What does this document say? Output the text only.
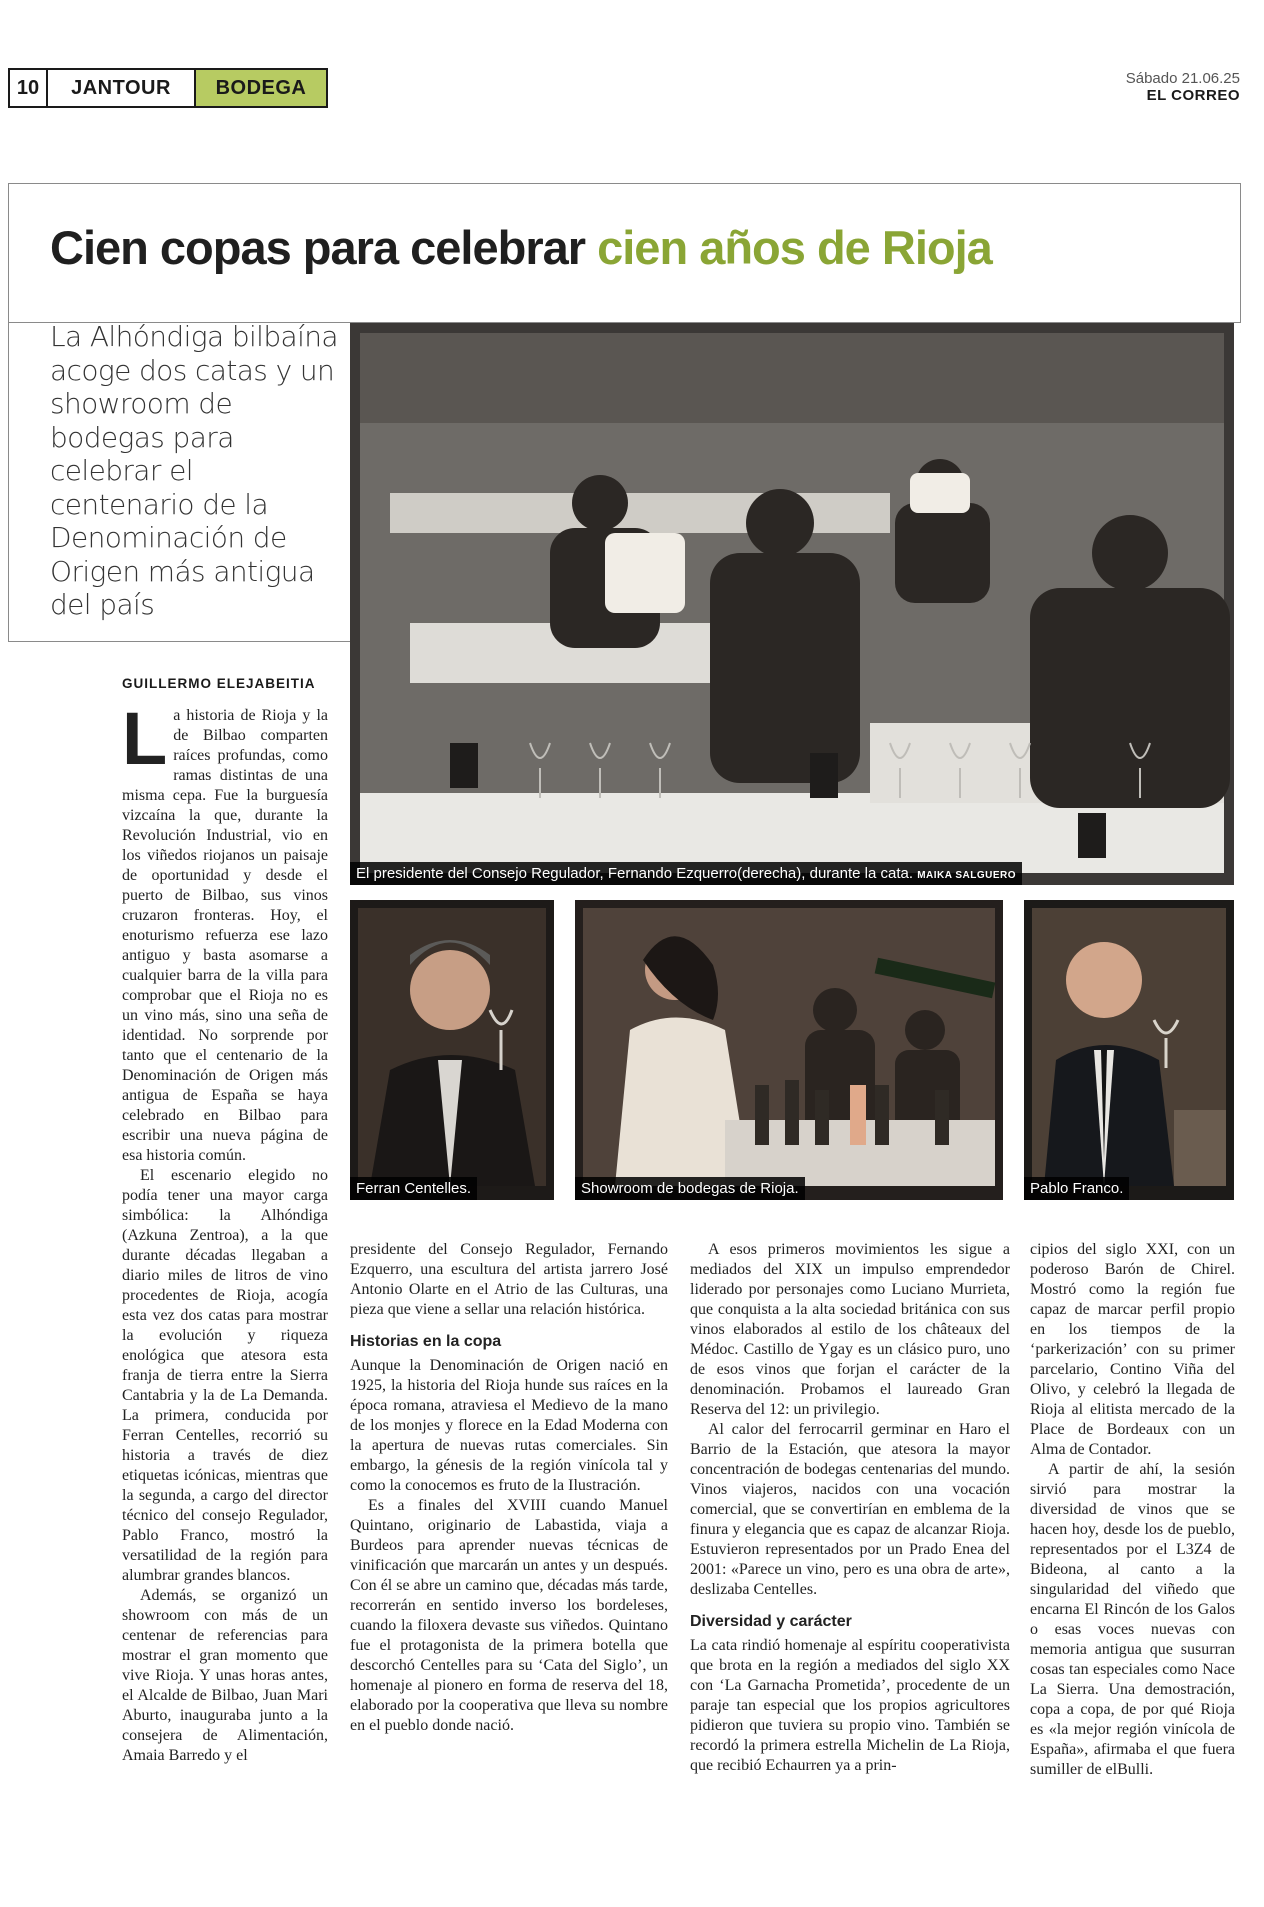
10	JANTOUR	BODEGA	Sábado 21.06.25
EL CORREO
Cien copas para celebrar cien años de Rioja
La Alhóndiga bilbaína acoge dos catas y un showroom de bodegas para celebrar el centenario de la Denominación de Origen más antigua del país
El presidente del Consejo Regulador, Fernando Ezquerro(derecha), durante la cata. MAIKA SALGUERO
Ferran Centelles.	Showroom de bodegas de Rioja.	Pablo Franco.
GUILLERMO ELEJABEITIA

La historia de Rioja y la de Bilbao comparten raíces profundas, como ramas distintas de una misma cepa. Fue la burguesía vizcaína la que, durante la Revolución Industrial, vio en los viñedos riojanos un paisaje de oportunidad y desde el puerto de Bilbao, sus vinos cruzaron fronteras. Hoy, el enoturismo refuerza ese lazo antiguo y basta asomarse a cualquier barra de la villa para comprobar que el Rioja no es un vino más, sino una seña de identidad. No sorprende por tanto que el centenario de la Denominación de Origen más antigua de España se haya celebrado en Bilbao para escribir una nueva página de esa historia común.

El escenario elegido no podía tener una mayor carga simbólica: la Alhóndiga (Azkuna Zentroa), a la que durante décadas llegaban a diario miles de litros de vino procedentes de Rioja, acogía esta vez dos catas para mostrar la evolución y riqueza enológica que atesora esta franja de tierra entre la Sierra Cantabria y la de La Demanda. La primera, conducida por Ferran Centelles, recorrió su historia a través de diez etiquetas icónicas, mientras que la segunda, a cargo del director técnico del consejo Regulador, Pablo Franco, mostró la versatilidad de la región para alumbrar grandes blancos.

Además, se organizó un showroom con más de un centenar de referencias para mostrar el gran momento que vive Rioja. Y unas horas antes, el Alcalde de Bilbao, Juan Mari Aburto, inauguraba junto a la consejera de Alimentación, Amaia Barredo y el

presidente del Consejo Regulador, Fernando Ezquerro, una escultura del artista jarrero José Antonio Olarte en el Atrio de las Culturas, una pieza que viene a sellar una relación histórica.

Historias en la copa

Aunque la Denominación de Origen nació en 1925, la historia del Rioja hunde sus raíces en la época romana, atraviesa el Medievo de la mano de los monjes y florece en la Edad Moderna con la apertura de nuevas rutas comerciales. Sin embargo, la génesis de la región vinícola tal y como la conocemos es fruto de la Ilustración.

Es a finales del XVIII cuando Manuel Quintano, originario de Labastida, viaja a Burdeos para aprender nuevas técnicas de vinificación que marcarán un antes y un después. Con él se abre un camino que, décadas más tarde, recorrerán en sentido inverso los bordeleses, cuando la filoxera devaste sus viñedos. Quintano fue el protagonista de la primera botella que descorchó Centelles para su ‘Cata del Siglo’, un homenaje al pionero en forma de reserva del 18, elaborado por la cooperativa que lleva su nombre en el pueblo donde nació.

A esos primeros movimientos les sigue a mediados del XIX un impulso emprendedor liderado por personajes como Luciano Murrieta, que conquista a la alta sociedad británica con sus vinos elaborados al estilo de los châteaux del Médoc. Castillo de Ygay es un clásico puro, uno de esos vinos que forjan el carácter de la denominación. Probamos el laureado Gran Reserva del 12: un privilegio.

Al calor del ferrocarril germinar en Haro el Barrio de la Estación, que atesora la mayor concentración de bodegas centenarias del mundo. Vinos viajeros, nacidos con una vocación comercial, que se convertirían en emblema de la finura y elegancia que es capaz de alcanzar Rioja. Estuvieron representados por un Prado Enea del 2001: «Parece un vino, pero es una obra de arte», deslizaba Centelles.

Diversidad y carácter

La cata rindió homenaje al espíritu cooperativista que brota en la región a mediados del siglo XX con ‘La Garnacha Prometida’, procedente de un paraje tan especial que los propios agricultores pidieron que tuviera su propio vino. También se recordó la primera estrella Michelin de La Rioja, que recibió Echaurren ya a prin-

cipios del siglo XXI, con un poderoso Barón de Chirel. Mostró como la región fue capaz de marcar perfil propio en los tiempos de la ‘parkerización’ con su primer parcelario, Contino Viña del Olivo, y celebró la llegada de Rioja al elitista mercado de la Place de Bordeaux con un Alma de Contador.

A partir de ahí, la sesión sirvió para mostrar la diversidad de vinos que se hacen hoy, desde los de pueblo, representados por el L3Z4 de Bideona, al canto a la singularidad del viñedo que encarna El Rincón de los Galos o esas voces nuevas con memoria antigua que susurran cosas tan especiales como Nace La Sierra. Una demostración, copa a copa, de por qué Rioja es «la mejor región vinícola de España», afirmaba el que fuera sumiller de elBulli.
